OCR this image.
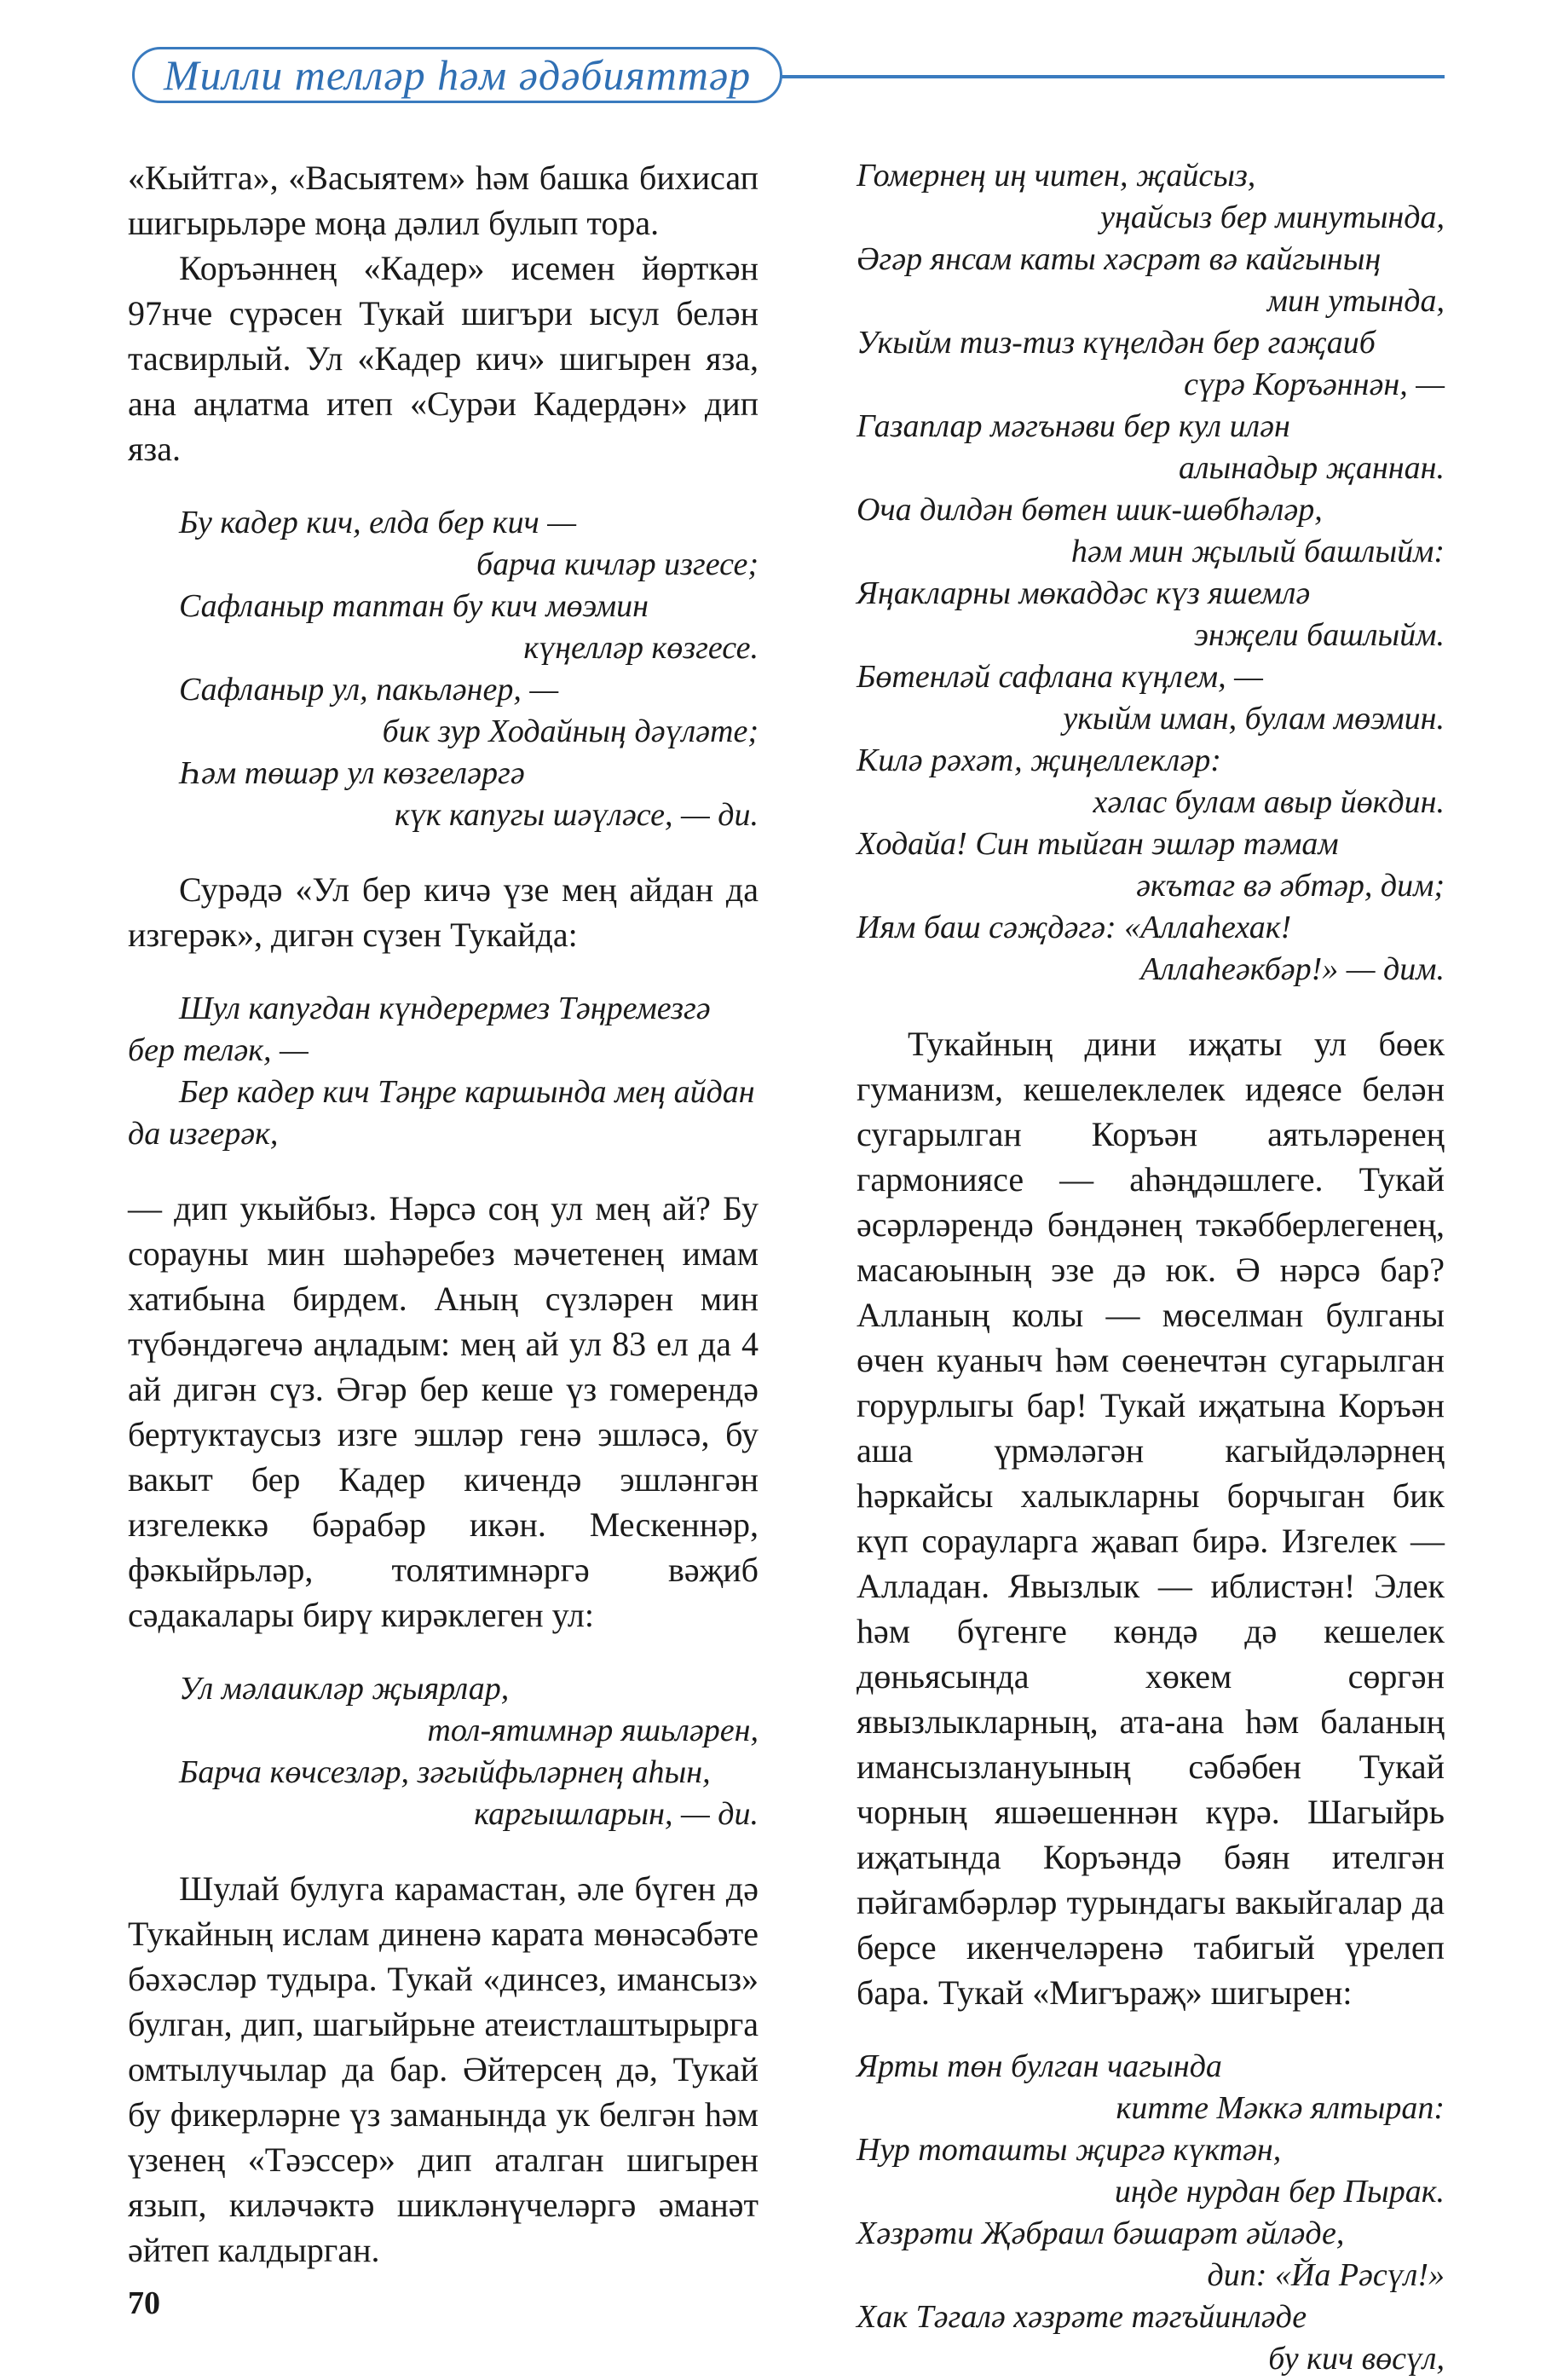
Милли телләр һәм әдәбияттәр

«Кыйтга», «Васыятем» һәм башка бихисап шигырьләре моңа дәлил булып тора.

Коръәннең «Кадер» исемен йөрткән 97нче сүрәсен Тукай шигъри ысул белән тасвирлый. Ул «Кадер кич» шигырен яза, ана аңлатма итеп «Сурәи Кадердән» дип яза.

Бу кадер кич, елда бер кич —
барча кичләр изгесе;
Сафланыр таптан бу кич мөэмин
күңелләр көзгесе.
Сафланыр ул, пакьләнер, —
бик зур Ходайның дәүләте;
Һәм төшәр ул көзгеләргә
күк капугы шәүләсе, — ди.

Сурәдә «Ул бер кичә үзе мең айдан да изгерәк», дигән сүзен Тукайда:

Шул капугдан күндерермез Тәңремезгә
бер теләк, —
Бер кадер кич Тәңре каршында мең айдан
да изгерәк,

— дип укыйбыз. Нәрсә соң ул мең ай? Бу сорауны мин шәһәребез мәчетенең имам хатибына бирдем. Аның сүзләрен мин түбәндәгечә аңладым: мең ай ул 83 ел да 4 ай дигән сүз. Әгәр бер кеше үз гомерендә бертуктаусыз изге эшләр генә эшләсә, бу вакыт бер Кадер кичендә эшләнгән изгелеккә бәрабәр икән. Мескеннәр, фәкыйрьләр, толятимнәргә вәҗиб сәдакалары бирү кирәклеген ул:

Ул мәлаикләр җыярлар,
тол-ятимнәр яшьләрен,
Барча көчсезләр, зәгыйфьләрнең аһын,
каргышларын, — ди.

Шулай булуга карамастан, әле бүген дә Тукайның ислам диненә карата мөнәсәбәте бәхәсләр тудыра. Тукай «динсез, имансыз» булган, дип, шагыйрьне атеистлаштырырга омтылучылар да бар. Әйтерсең дә, Тукай бу фикерләрне үз заманында ук белгән һәм үзенең «Тәэссер» дип аталган шигырен язып, киләчәктә шикләнүчеләргә әманәт әйтеп калдырган.

Гомернең иң читен, җайсыз,
уңайсыз бер минутында,
Әгәр янсам каты хәсрәт вә кайгының
мин утында,
Укыйм тиз-тиз күңелдән бер гаҗаиб
сүрә Коръәннән, —
Газаплар мәгънәви бер кул илән
алынадыр җаннан.
Оча дилдән бөтен шик-шөбһәләр,
һәм мин җылый башлыйм:
Яңакларны мөкаддәс күз яшемлә
энҗели башлыйм.
Бөтенләй сафлана күңлем, —
укыйм иман, булам мөэмин.
Килә рәхәт, җиңеллекләр:
хәлас булам авыр йөкдин.
Ходайа! Син тыйган эшләр тәмам
әкътаг вә әбтәр, дим;
Иям баш сәҗдәгә: «Аллаһехак!
Аллаһеәкбәр!» — дим.

Тукайның дини иҗаты ул бөек гуманизм, кешелеклелек идеясе белән сугарылган Коръән аятьләренең гармониясе — аһәңдәшлеге. Тукай әсәрләрендә бәндәнең тәкәбберлегенең, масаюының эзе дә юк. Ә нәрсә бар? Алланың колы — мөселман булганы өчен куаныч һәм сөенечтән сугарылган горурлыгы бар! Тукай иҗатына Коръән аша үрмәләгән кагыйдәләрнең һәркайсы халыкларны борчыган бик күп сорауларга җавап бирә. Изгелек — Алладан. Явызлык — иблистән! Элек һәм бүгенге көндә дә кешелек дөньясында хөкем сөргән явызлыкларның, ата-ана һәм баланың имансызлануының сәбәбен Тукай чорның яшәешеннән күрә. Шагыйрь иҗатында Коръәндә бәян ителгән пәйгамбәрләр турындагы вакыйгалар да берсе икенчеләренә табигый үрелеп бара. Тукай «Мигъраҗ» шигырен:

Ярты төн булган чагында
китте Мәккә ялтырап:
Нур тоташты җиргә күктән,
иңде нурдан бер Пырак.
Хәзрәти Җәбраил бәшарәт әйләде,
дип: «Йа Рәсүл!»
Хак Тәгалә хәзрәте тәгъйинләде
бу кич вөсүл,
70
